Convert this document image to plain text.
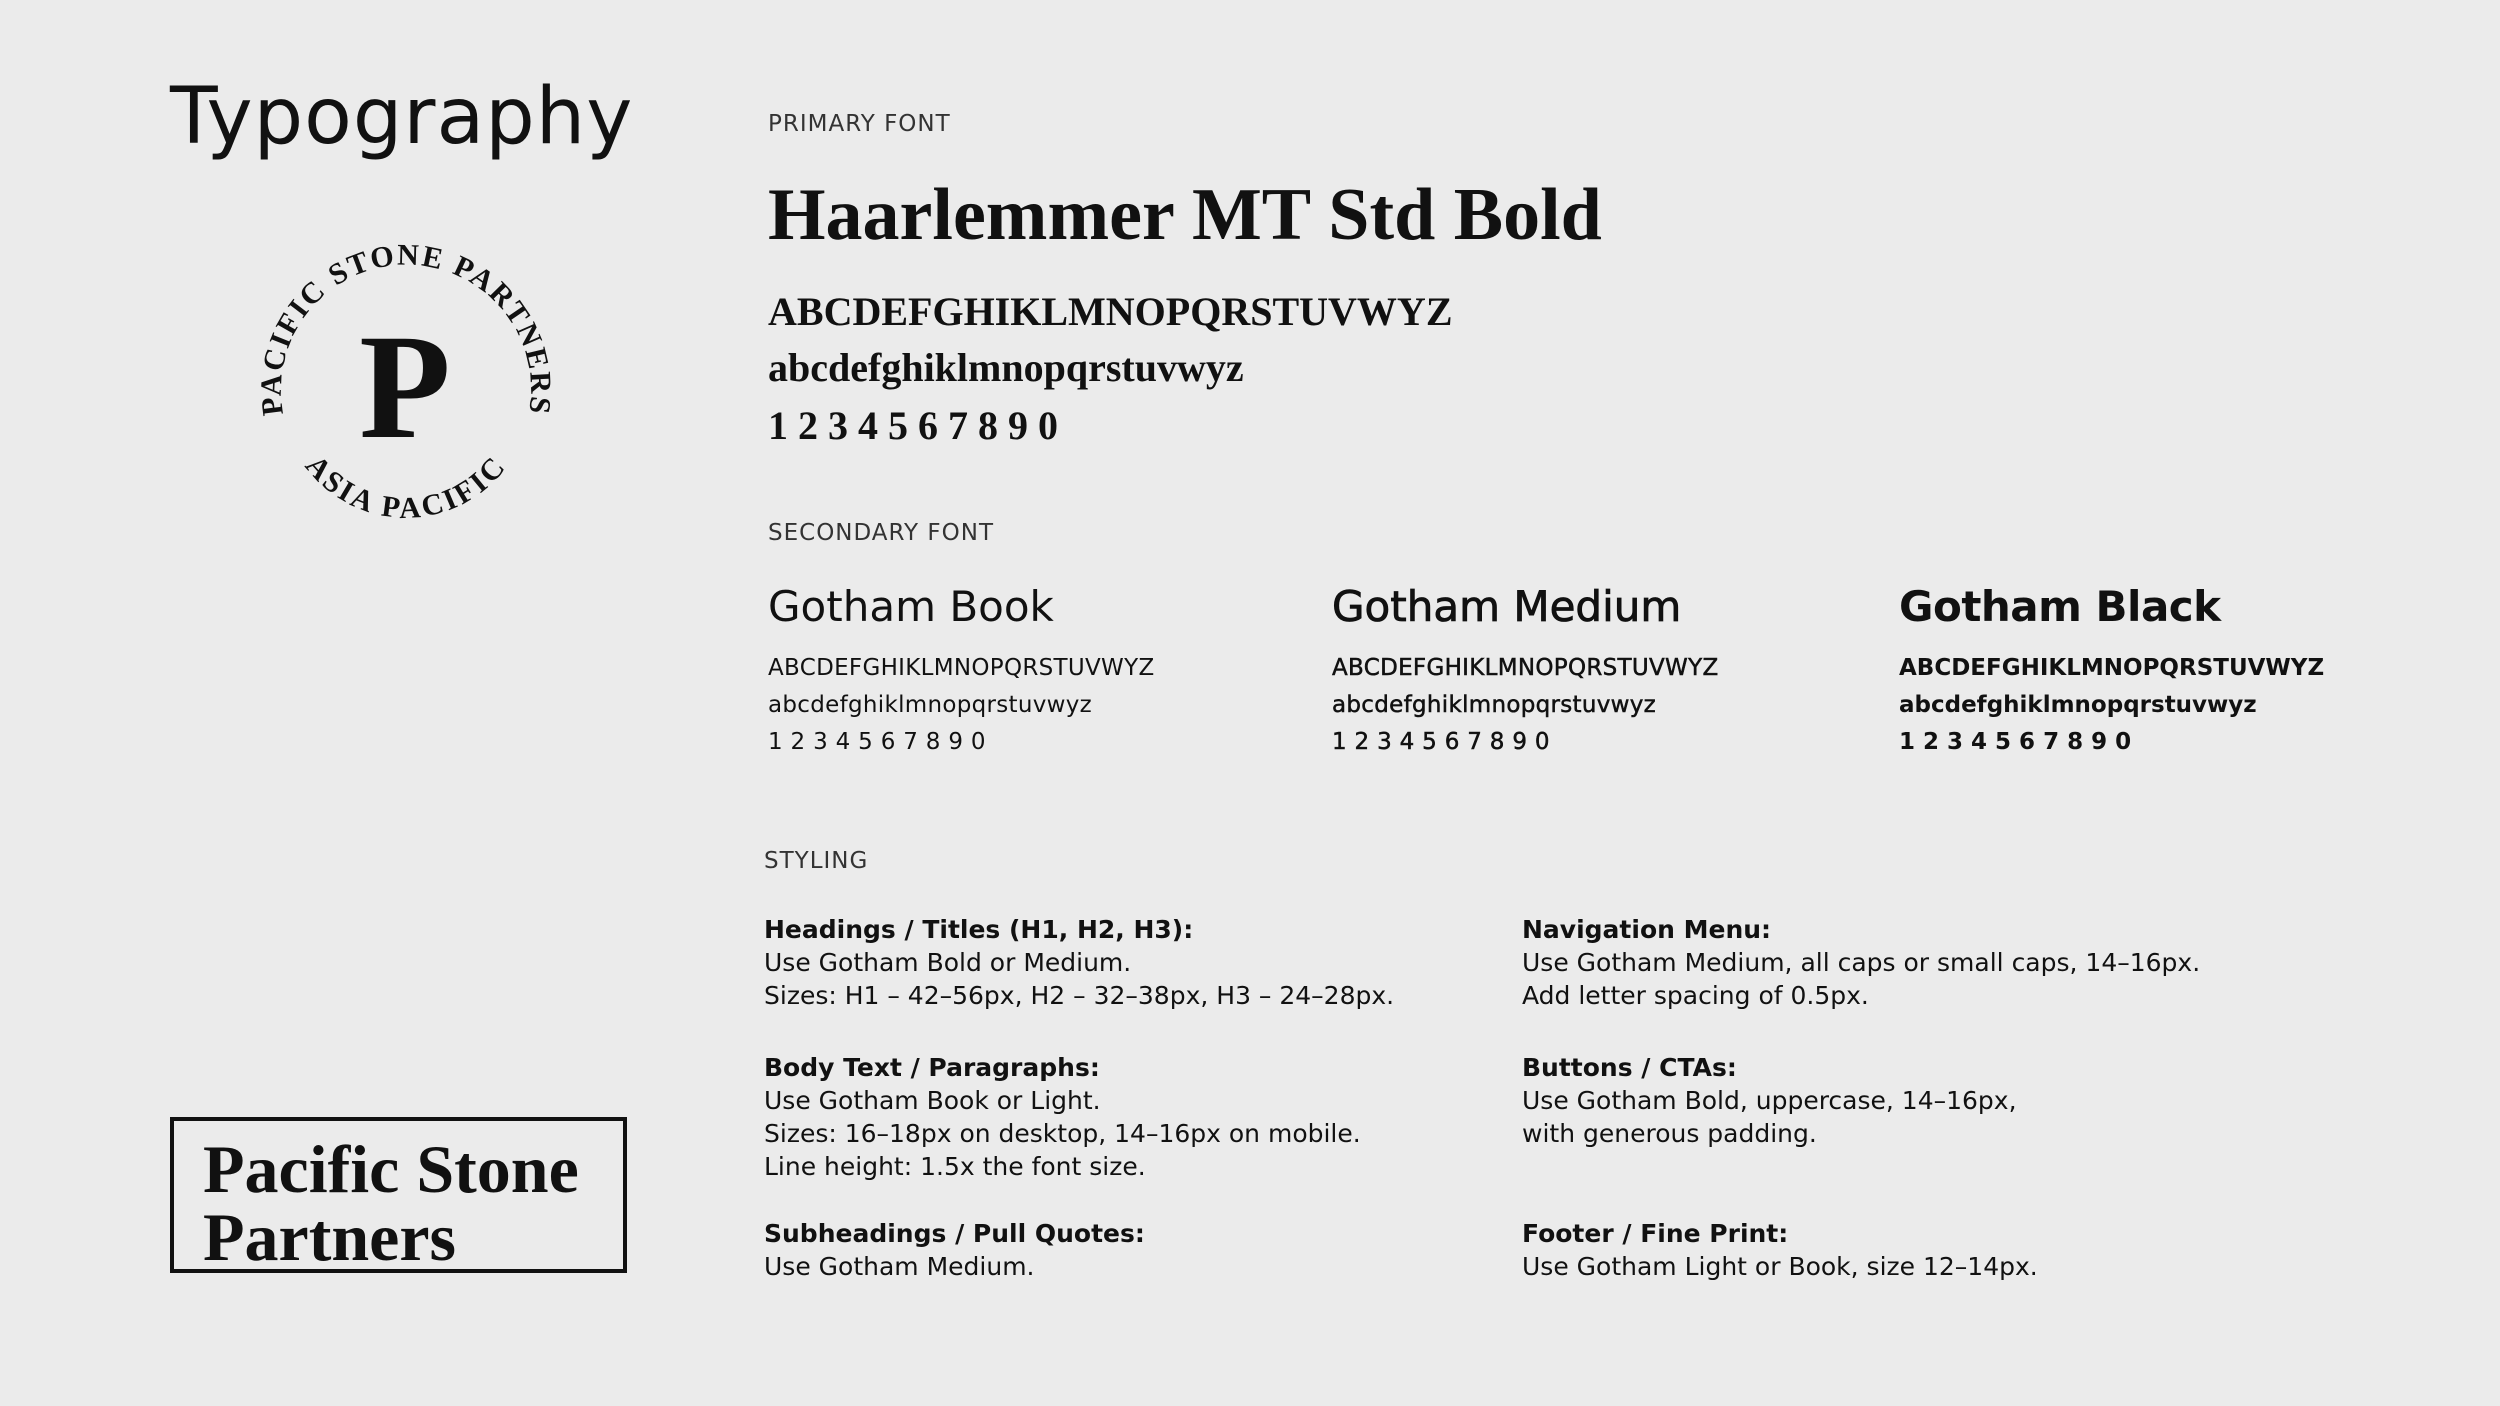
Typography
PACIFIC STONE PARTNERS
ASIA PACIFIC
P
Pacific Stone
Partners
PRIMARY FONT
Haarlemmer MT Std Bold
ABCDEFGHIKLMNOPQRSTUVWYZ
abcdefghiklmnopqrstuvwyz
1 2 3 4 5 6 7 8 9 0
SECONDARY FONT
Gotham Book
ABCDEFGHIKLMNOPQRSTUVWYZ
abcdefghiklmnopqrstuvwyz
1 2 3 4 5 6 7 8 9 0
Gotham Medium
ABCDEFGHIKLMNOPQRSTUVWYZ
abcdefghiklmnopqrstuvwyz
1 2 3 4 5 6 7 8 9 0
Gotham Black
ABCDEFGHIKLMNOPQRSTUVWYZ
abcdefghiklmnopqrstuvwyz
1 2 3 4 5 6 7 8 9 0
STYLING
Headings / Titles (H1, H2, H3):
Use Gotham Bold or Medium.
Sizes: H1 – 42–56px, H2 – 32–38px, H3 – 24–28px.
Body Text / Paragraphs:
Use Gotham Book or Light.
Sizes: 16–18px on desktop, 14–16px on mobile.
Line height: 1.5x the font size.
Subheadings / Pull Quotes:
Use Gotham Medium.
Navigation Menu:
Use Gotham Medium, all caps or small caps, 14–16px.
Add letter spacing of 0.5px.
Buttons / CTAs:
Use Gotham Bold, uppercase, 14–16px,
with generous padding.
Footer / Fine Print:
Use Gotham Light or Book, size 12–14px.
